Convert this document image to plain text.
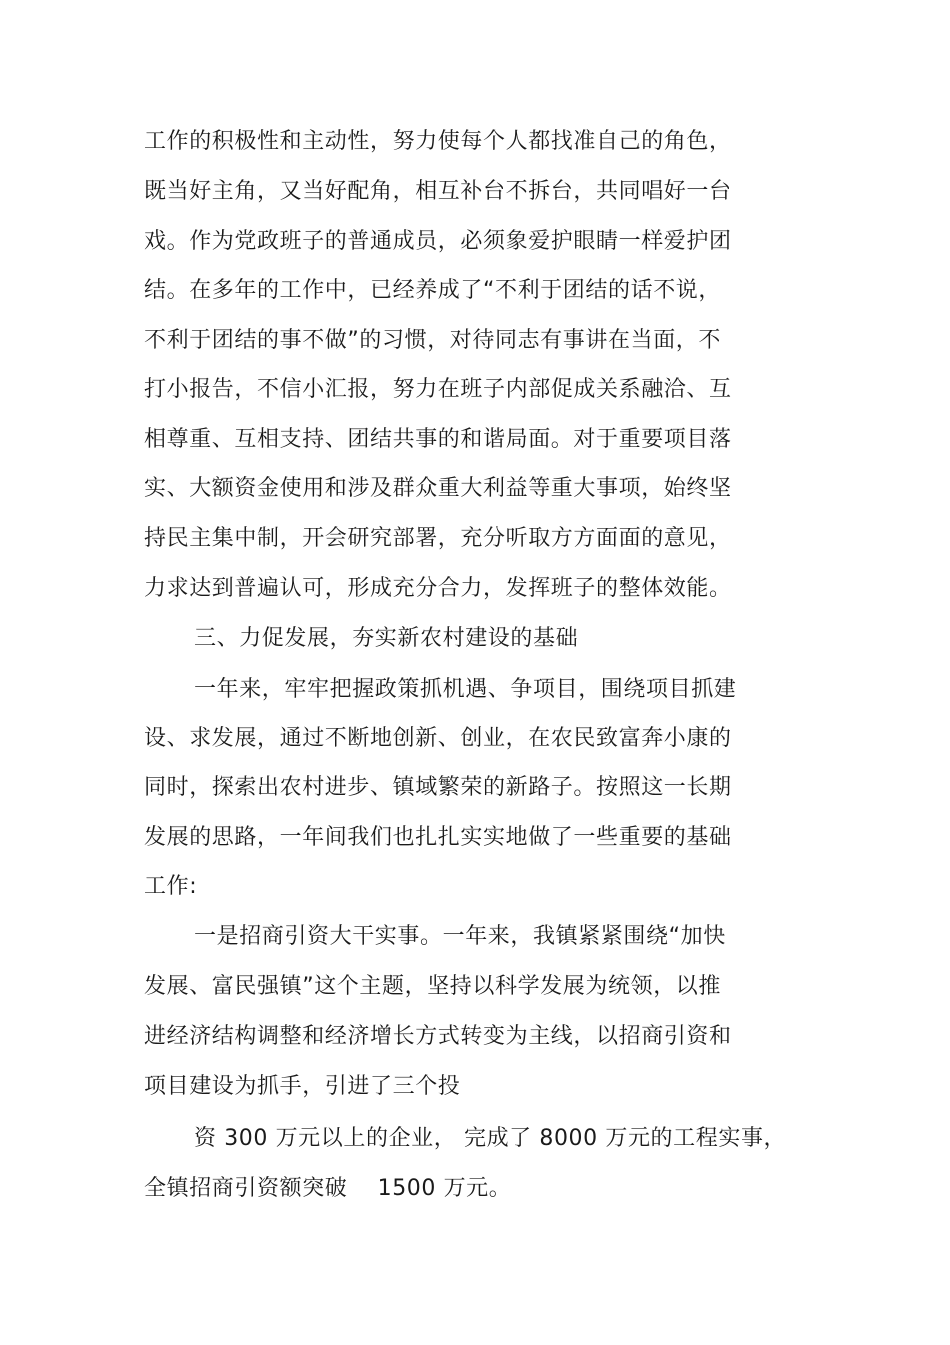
工作的积极性和主动性，努力使每个人都找准自己的角色，
既当好主角，又当好配角，相互补台不拆台，共同唱好一台
戏。作为党政班子的普通成员，必须象爱护眼睛一样爱护团
结。在多年的工作中，已经养成了“不利于团结的话不说，
不利于团结的事不做”的习惯，对待同志有事讲在当面，不
打小报告，不信小汇报，努力在班子内部促成关系融洽、互
相尊重、互相支持、团结共事的和谐局面。对于重要项目落
实、大额资金使用和涉及群众重大利益等重大事项，始终坚
持民主集中制，开会研究部署，充分听取方方面面的意见，
力求达到普遍认可，形成充分合力，发挥班子的整体效能。
三、力促发展，夯实新农村建设的基础
一年来，牢牢把握政策抓机遇、争项目，围绕项目抓建
设、求发展，通过不断地创新、创业，在农民致富奔小康的
同时，探索出农村进步、镇域繁荣的新路子。按照这一长期
发展的思路，一年间我们也扎扎实实地做了一些重要的基础
工作:
一是招商引资大干实事。一年来，我镇紧紧围绕“加快
发展、富民强镇”这个主题，坚持以科学发展为统领，以推
进经济结构调整和经济增长方式转变为主线，以招商引资和
项目建设为抓手，引进了三个投
资 300 万元以上的企业， 完成了 8000 万元的工程实事，
全镇招商引资额突破　 1500 万元。
